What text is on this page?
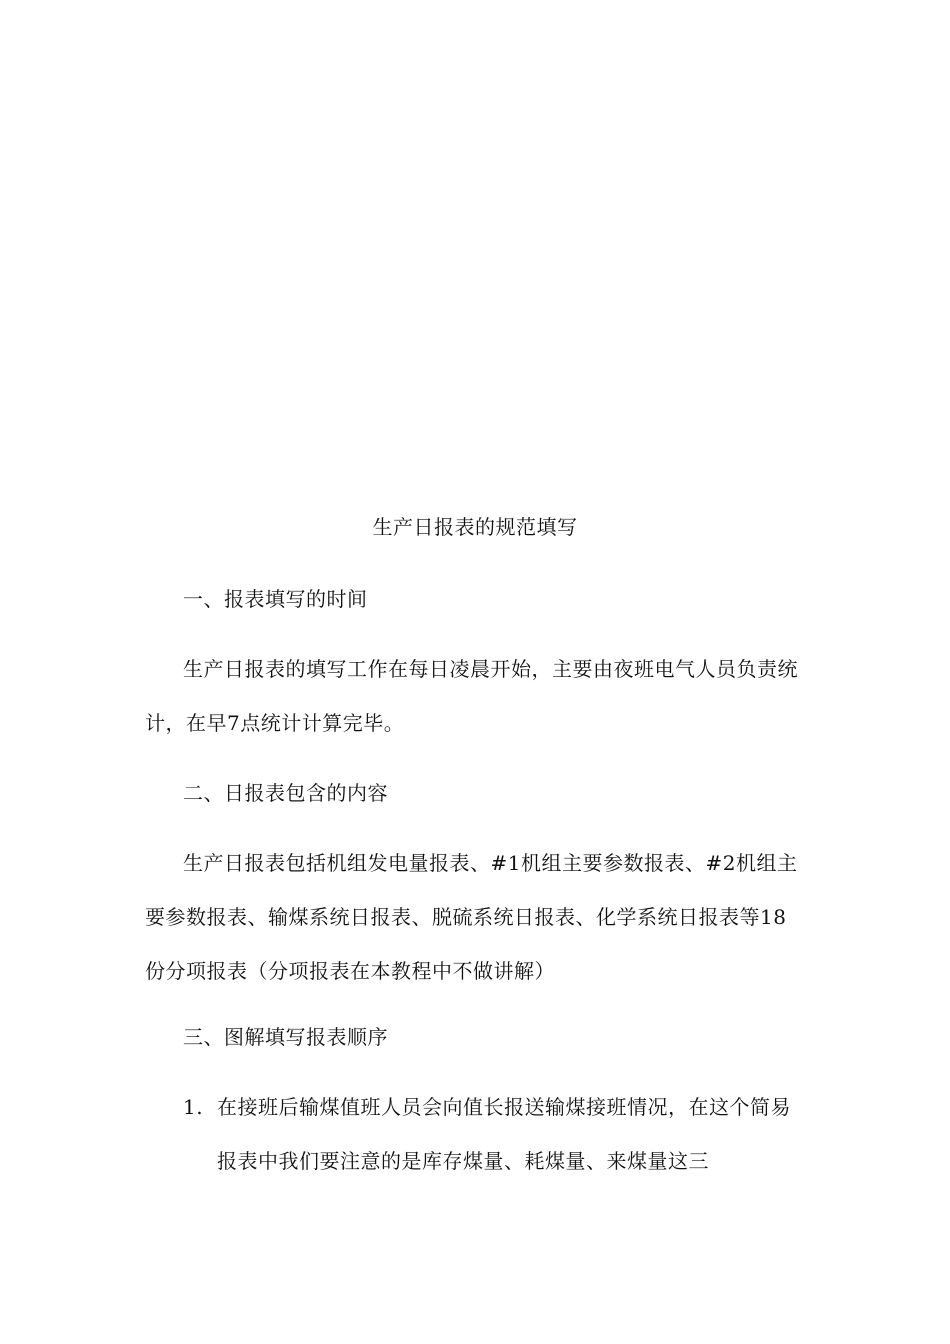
生产日报表的规范填写
一、报表填写的时间

生产日报表的填写工作在每日凌晨开始，主要由夜班电气人员负责统计，在早7点统计计算完毕。

二、日报表包含的内容

生产日报表包括机组发电量报表、#1机组主要参数报表、#2机组主要参数报表、输煤系统日报表、脱硫系统日报表、化学系统日报表等18份分项报表（分项报表在本教程中不做讲解）

三、图解填写报表顺序
1. 在接班后输煤值班人员会向值长报送输煤接班情况，在这个简易报表中我们要注意的是库存煤量、耗煤量、来煤量这三
